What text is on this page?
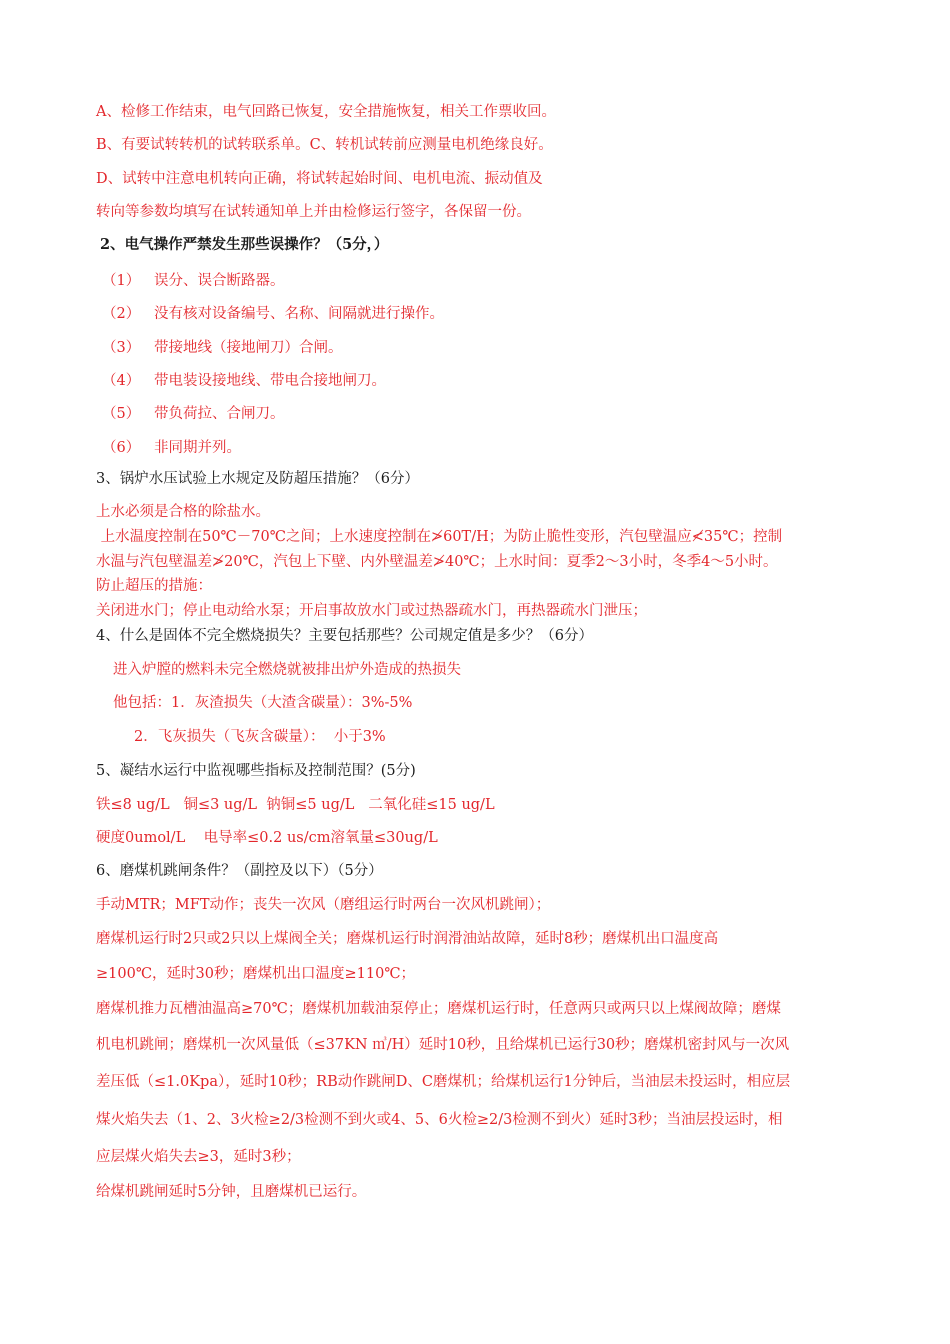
A、检修工作结束，电气回路已恢复，安全措施恢复，相关工作票收回。
B、有要试转转机的试转联系单。C、转机试转前应测量电机绝缘良好。
D、试转中注意电机转向正确，将试转起始时间、电机电流、振动值及
转向等参数均填写在试转通知单上并由检修运行签字，各保留一份。
2、电气操作严禁发生那些误操作？（5分，）
（1） 误分、误合断路器。
（2） 没有核对设备编号、名称、间隔就进行操作。
（3） 带接地线（接地闸刀）合闸。
（4） 带电装设接地线、带电合接地闸刀。
（5） 带负荷拉、合闸刀。
（6） 非同期并列。
3、锅炉水压试验上水规定及防超压措施？（6分）
上水必须是合格的除盐水。
上水温度控制在50℃－70℃之间；上水速度控制在≯60T/H；为防止脆性变形，汽包壁温应≮35℃；控制
水温与汽包壁温差≯20℃，汽包上下壁、内外壁温差≯40℃；上水时间：夏季2～3小时，冬季4～5小时。
防止超压的措施：
关闭进水门；停止电动给水泵；开启事故放水门或过热器疏水门，再热器疏水门泄压；
4、什么是固体不完全燃烧损失？主要包括那些？公司规定值是多少？（6分）
进入炉膛的燃料未完全燃烧就被排出炉外造成的热损失
他包括：1．灰渣损失（大渣含碳量）：3%-5%
2．飞灰损失（飞灰含碳量）：  小于3%
5、凝结水运行中监视哪些指标及控制范围？(5分)
铁≤8 ug/L   铜≤3 ug/L  钠铜≤5 ug/L   二氧化硅≤15 ug/L
硬度0umol/L    电导率≤0.2 us/cm溶氧量≤30ug/L
6、磨煤机跳闸条件？（副控及以下）（5分）
手动MTR；MFT动作；丧失一次风（磨组运行时两台一次风机跳闸）；
磨煤机运行时2只或2只以上煤阀全关；磨煤机运行时润滑油站故障，延时8秒；磨煤机出口温度高
≥100℃，延时30秒；磨煤机出口温度≥110℃；
磨煤机推力瓦槽油温高≥70℃；磨煤机加载油泵停止；磨煤机运行时，任意两只或两只以上煤阀故障；磨煤
机电机跳闸；磨煤机一次风量低（≤37KN ㎥/H）延时10秒，且给煤机已运行30秒；磨煤机密封风与一次风
差压低（≤1.0Kpa），延时10秒；RB动作跳闸D、C磨煤机；给煤机运行1分钟后，当油层未投运时，相应层
煤火焰失去（1、2、3火检≥2/3检测不到火或4、5、6火检≥2/3检测不到火）延时3秒；当油层投运时，相
应层煤火焰失去≥3，延时3秒；
给煤机跳闸延时5分钟，且磨煤机已运行。
